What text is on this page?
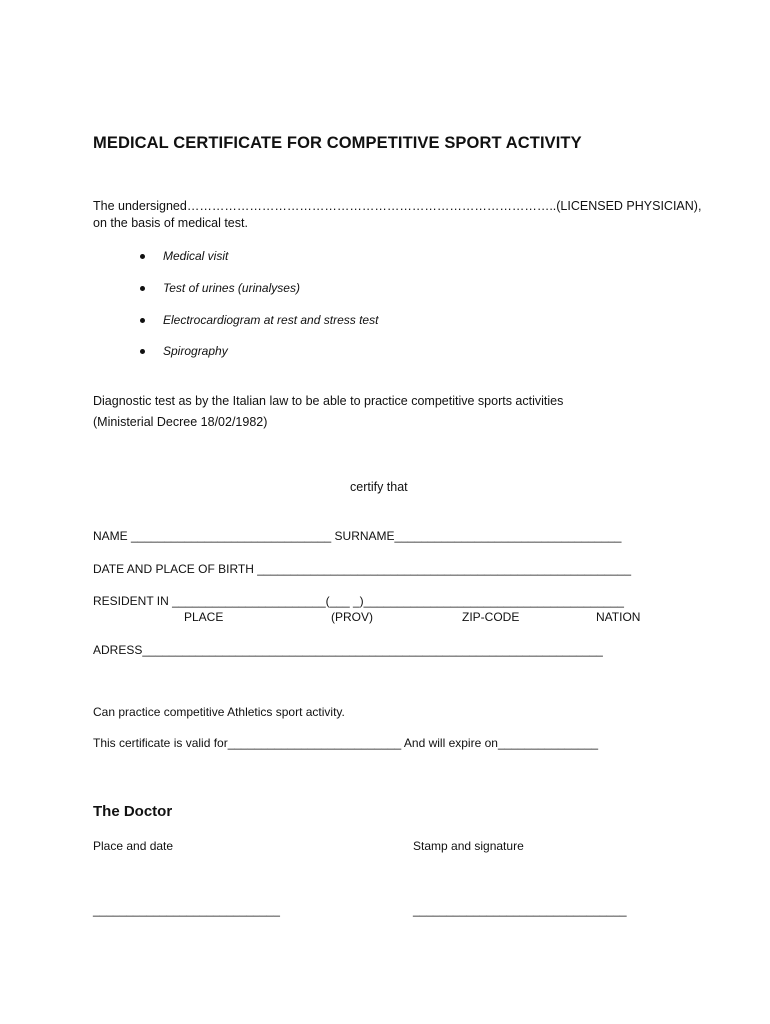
MEDICAL CERTIFICATE FOR COMPETITIVE SPORT ACTIVITY
The undersigned……………………………………………………………………………..(LICENSED PHYSICIAN),
on the basis of medical test.
Medical visit
Test of urines (urinalyses)
Electrocardiogram at rest and stress test
Spirography
Diagnostic test as by the Italian law to be able to practice competitive sports activities
(Ministerial Decree 18/02/1982)
certify that
NAME ______________________________ SURNAME__________________________________
DATE AND PLACE OF BIRTH ________________________________________________________
RESIDENT IN _______________________(___ _)_______________________________________
PLACE	(PROV)	ZIP-CODE	NATION
ADRESS_____________________________________________________________________
Can practice competitive Athletics sport activity.
This certificate is valid for__________________________ And will expire on_______________
The Doctor
Place and date	Stamp and signature
____________________________	________________________________
